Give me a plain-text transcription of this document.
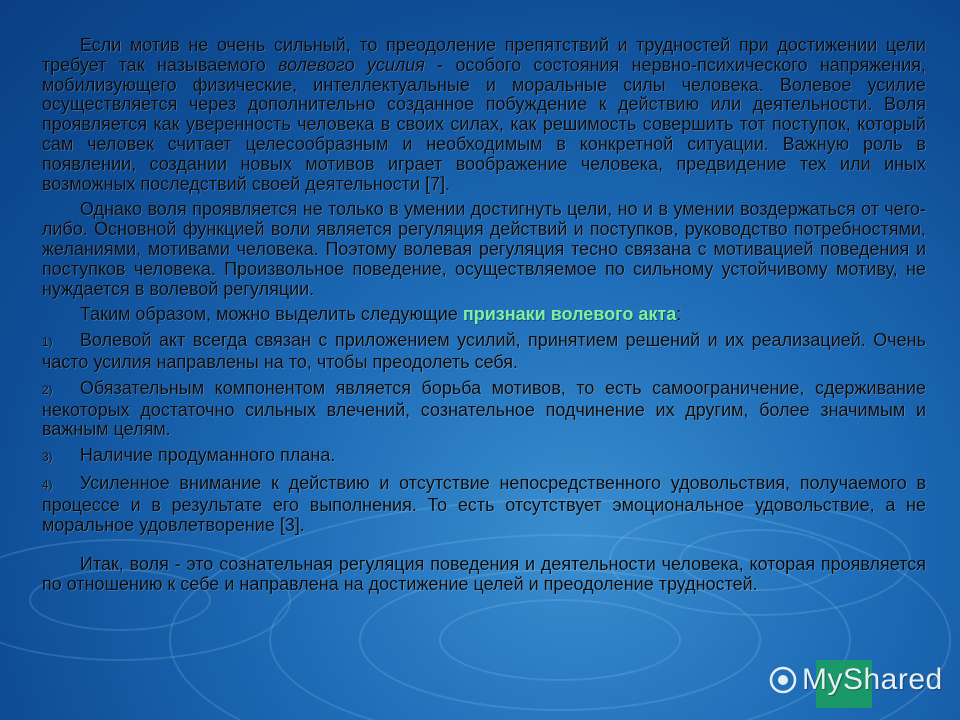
Если мотив не очень сильный, то преодоление препятствий и трудностей при достижении цели требует так называемого волевого усилия - особого состояния нервно-психического напряжения, мобилизующего физические, интеллектуальные и моральные силы человека. Волевое усилие осуществляется через дополнительно созданное побуждение к действию или деятельности. Воля проявляется как уверенность человека в своих силах, как решимость совершить тот поступок, который сам человек считает целесообразным и необходимым в конкретной ситуации. Важную роль в появлении, создании новых мотивов играет воображение человека, предвидение тех или иных возможных последствий своей деятельности [7].

Однако воля проявляется не только в умении достигнуть цели, но и в умении воздержаться от чего-либо. Основной функцией воли является регуляция действий и поступков, руководство потребностями, желаниями, мотивами человека. Поэтому волевая регуляция тесно связана с мотивацией поведения и поступков человека. Произвольное поведение, осуществляемое по сильному устойчивому мотиву, не нуждается в волевой регуляции.

Таким образом, можно выделить следующие признаки волевого акта:

1) Волевой акт всегда связан с приложением усилий, принятием решений и их реализацией. Очень часто усилия направлены на то, чтобы преодолеть себя.

2) Обязательным компонентом является борьба мотивов, то есть самоограничение, сдерживание некоторых достаточно сильных влечений, сознательное подчинение их другим, более значимым и важным целям.

3) Наличие продуманного плана.

4) Усиленное внимание к действию и отсутствие непосредственного удовольствия, получаемого в процессе и в результате его выполнения. То есть отсутствует эмоциональное удовольствие, а не моральное удовлетворение [3].

Итак, воля - это сознательная регуляция поведения и деятельности человека, которая проявляется по отношению к себе и направлена на достижение целей и преодоление трудностей.

MyShared
